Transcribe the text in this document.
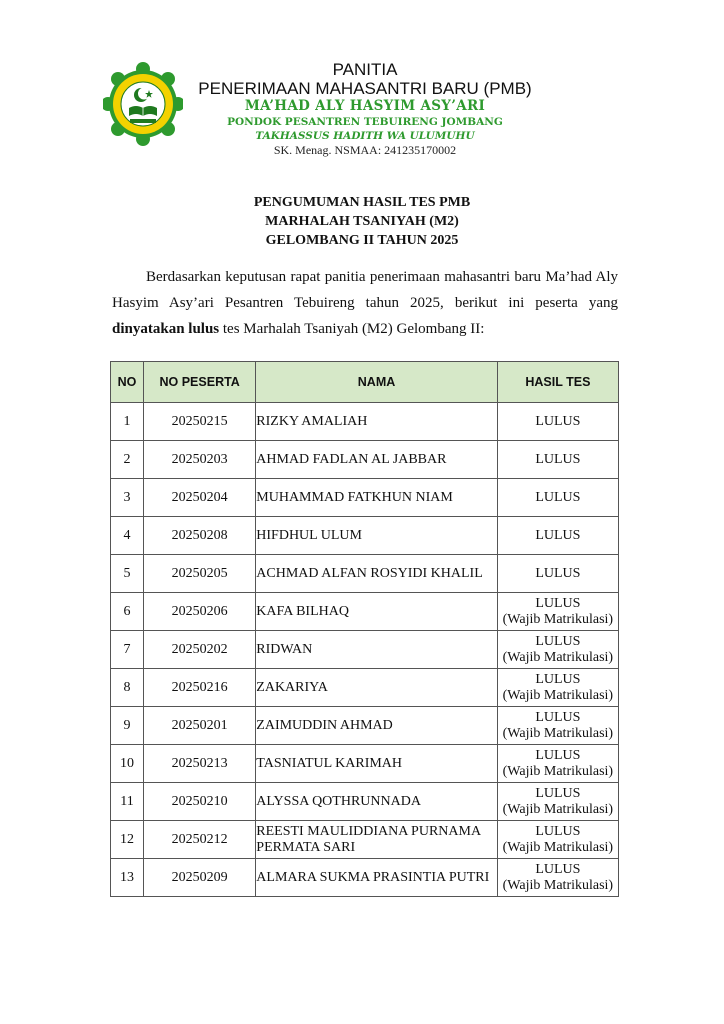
PANITIA
PENERIMAAN MAHASANTRI BARU (PMB)
MA’HAD ALY HASYIM ASY’ARI
PONDOK PESANTREN TEBUIRENG JOMBANG
TAKHASSUS HADITH WA ULUMUHU
SK. Menag. NSMAA: 241235170002
PENGUMUMAN HASIL TES PMB
MARHALAH TSANIYAH (M2)
GELOMBANG II TAHUN 2025

Berdasarkan keputusan rapat panitia penerimaan mahasantri baru Ma’had Aly Hasyim Asy’ari Pesantren Tebuireng tahun 2025, berikut ini peserta yang dinyatakan lulus tes Marhalah Tsaniyah (M2) Gelombang II:

NO	NO PESERTA	NAMA	HASIL TES
1	20250215	RIZKY AMALIAH	LULUS

2	20250203	AHMAD FADLAN AL JABBAR	LULUS

3	20250204	MUHAMMAD FATKHUN NIAM	LULUS

4	20250208	HIFDHUL ULUM	LULUS

5	20250205	ACHMAD ALFAN ROSYIDI KHALIL	LULUS

6	20250206	KAFA BILHAQ	LULUS
(Wajib Matrikulasi)

7	20250202	RIDWAN	LULUS
(Wajib Matrikulasi)

8	20250216	ZAKARIYA	LULUS
(Wajib Matrikulasi)

9	20250201	ZAIMUDDIN AHMAD	LULUS
(Wajib Matrikulasi)

10	20250213	TASNIATUL KARIMAH	LULUS
(Wajib Matrikulasi)

11	20250210	ALYSSA QOTHRUNNADA	LULUS
(Wajib Matrikulasi)

12	20250212	REESTI MAULIDDIANA PURNAMA PERMATA SARI	LULUS
(Wajib Matrikulasi)

13	20250209	ALMARA SUKMA PRASINTIA PUTRI	LULUS
(Wajib Matrikulasi)
